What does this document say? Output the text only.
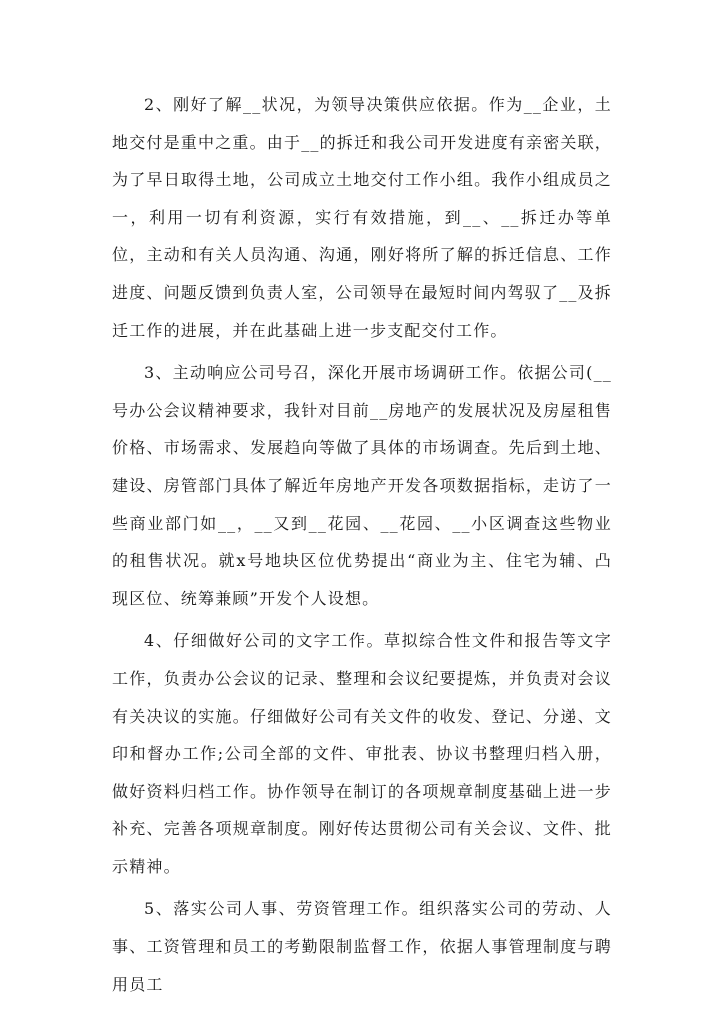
2、刚好了解__状况，为领导决策供应依据。作为__企业，土地交付是重中之重。由于__的拆迁和我公司开发进度有亲密关联，为了早日取得土地，公司成立土地交付工作小组。我作小组成员之一，利用一切有利资源，实行有效措施，到__、__拆迁办等单位，主动和有关人员沟通、沟通，刚好将所了解的拆迁信息、工作进度、问题反馈到负责人室，公司领导在最短时间内驾驭了__及拆迁工作的进展，并在此基础上进一步支配交付工作。

3、主动响应公司号召，深化开展市场调研工作。依据公司(__号办公会议精神要求，我针对目前__房地产的发展状况及房屋租售价格、市场需求、发展趋向等做了具体的市场调查。先后到土地、建设、房管部门具体了解近年房地产开发各项数据指标，走访了一些商业部门如__，__又到__花园、__花园、__小区调查这些物业的租售状况。就x号地块区位优势提出“商业为主、住宅为辅、凸现区位、统筹兼顾”开发个人设想。

4、仔细做好公司的文字工作。草拟综合性文件和报告等文字工作，负责办公会议的记录、整理和会议纪要提炼，并负责对会议有关决议的实施。仔细做好公司有关文件的收发、登记、分递、文印和督办工作;公司全部的文件、审批表、协议书整理归档入册，做好资料归档工作。协作领导在制订的各项规章制度基础上进一步补充、完善各项规章制度。刚好传达贯彻公司有关会议、文件、批示精神。

5、落实公司人事、劳资管理工作。组织落实公司的劳动、人事、工资管理和员工的考勤限制监督工作，依据人事管理制度与聘用员工
